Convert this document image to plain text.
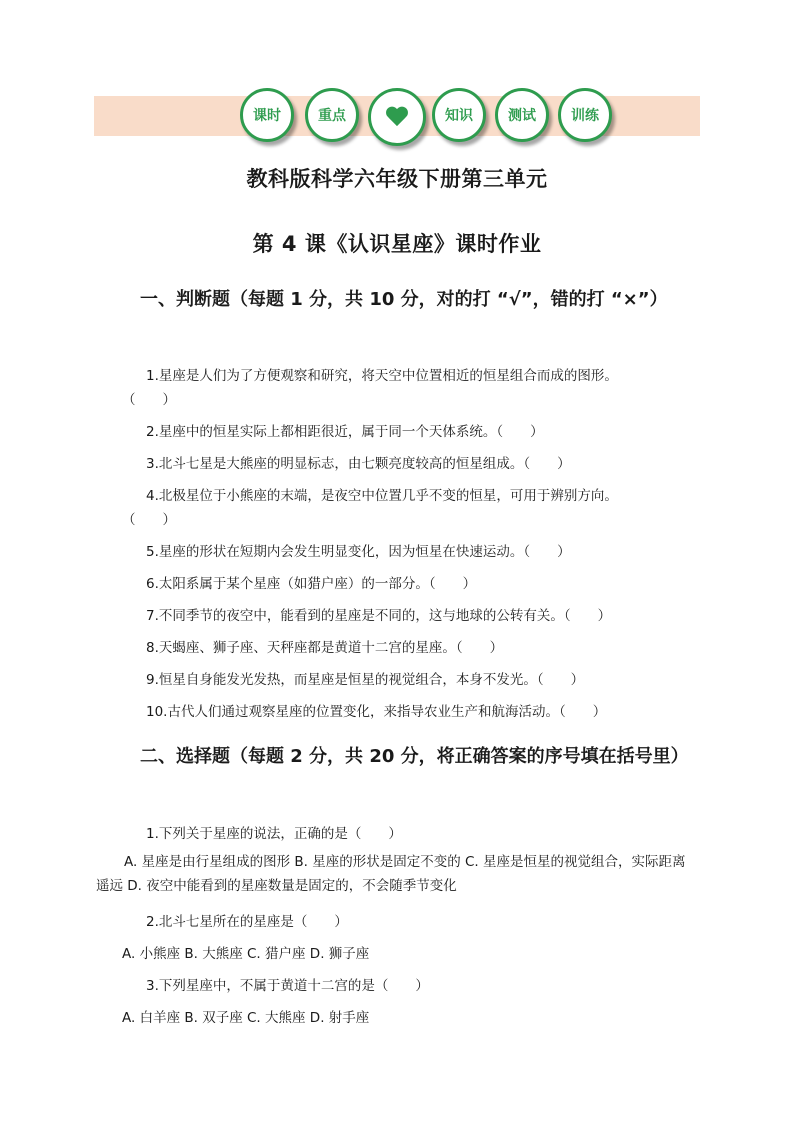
课时	重点	知识	测试	训练
教科版科学六年级下册第三单元
第 4 课《认识星座》课时作业
一、判断题（每题 1 分，共 10 分，对的打 “√”，错的打 “×”）
1.星座是人们为了方便观察和研究，将天空中位置相近的恒星组合而成的图形。
（　　）
2.星座中的恒星实际上都相距很近，属于同一个天体系统。（　　）
3.北斗七星是大熊座的明显标志，由七颗亮度较高的恒星组成。（　　）
4.北极星位于小熊座的末端，是夜空中位置几乎不变的恒星，可用于辨别方向。
（　　）
5.星座的形状在短期内会发生明显变化，因为恒星在快速运动。（　　）
6.太阳系属于某个星座（如猎户座）的一部分。（　　）
7.不同季节的夜空中，能看到的星座是不同的，这与地球的公转有关。（　　）
8.天蝎座、狮子座、天秤座都是黄道十二宫的星座。（　　）
9.恒星自身能发光发热，而星座是恒星的视觉组合，本身不发光。（　　）
10.古代人们通过观察星座的位置变化，来指导农业生产和航海活动。（　　）
二、选择题（每题 2 分，共 20 分，将正确答案的序号填在括号里）
1.下列关于星座的说法，正确的是（　　）
A. 星座是由行星组成的图形 B. 星座的形状是固定不变的 C. 星座是恒星的视觉组合，实际距离遥远 D. 夜空中能看到的星座数量是固定的，不会随季节变化
2.北斗七星所在的星座是（　　）
A. 小熊座 B. 大熊座 C. 猎户座 D. 狮子座
3.下列星座中，不属于黄道十二宫的是（　　）
A. 白羊座 B. 双子座 C. 大熊座 D. 射手座
